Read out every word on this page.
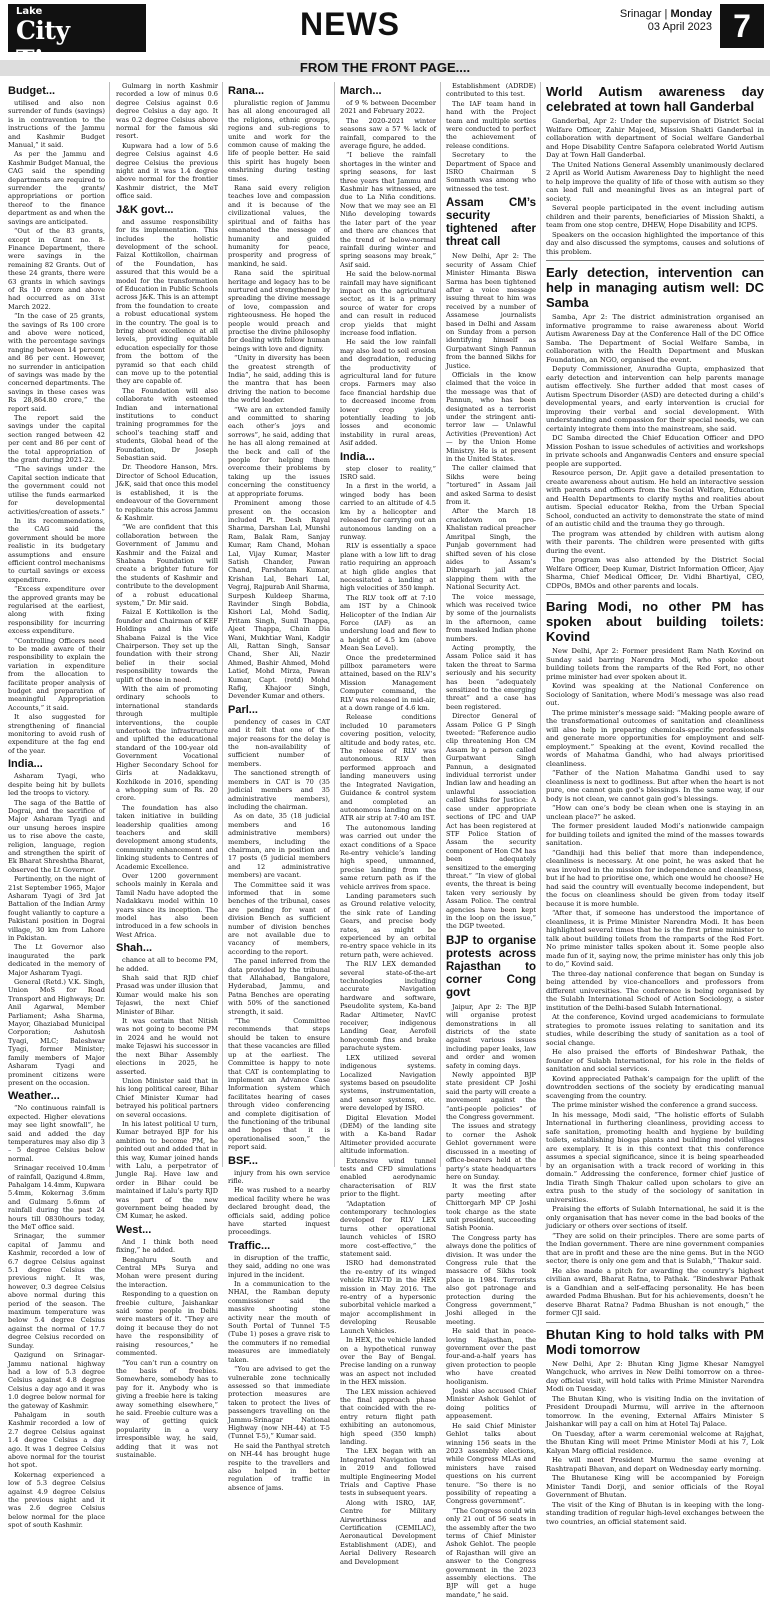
Lake
City	NEWS	Srinagar | Monday
03 April 2023 7
FROM THE FRONT PAGE....
Budget...

utilised and also non surrender of funds (savings) is in contravention to the instructions of the Jammu and Kashmir Budget Manual,” it said.

As per the Jammu and Kashmir Budget Manual, the CAG said the spending departments are required to surrender the grants/ appropriations or portion thereof to the finance department as and when the savings are anticipated.

“Out of the 83 grants, except in Grant no. 8- Finance Department, there were savings in the remaining 82 Grants. Out of these 24 grants, there were 63 grants in which savings of Rs 10 crore and above had occurred as on 31st March 2022.

“In the case of 25 grants, the savings of Rs 100 crore and above were noticed, with the percentage savings ranging between 14 percent and 86 per cent. However, no surrender in anticipation of savings was made by the concerned departments. The savings in these cases was Rs 28,864.80 crore,” the report said.

The report said the savings under the capital section ranged between 42 per cent and 86 per cent of the total appropriation of the grant during 2021-22.

“The savings under the Capital section indicate that the government could not utilise the funds earmarked for developmental activities/creation of assets.”

In its recommendations, the CAG said the government should be more realistic in its budgetary assumptions and ensure efficient control mechanisms to curtail savings or excess expenditure.

“Excess expenditure over the approved grants may be regularised at the earliest, along with fixing responsibility for incurring excess expenditure.

“Controlling Officers need to be made aware of their responsibility to explain the variation in expenditure from the allocation to facilitate proper analysis of budget and preparation of meaningful Appropriation Accounts,” it said.

It also suggested for strengthening of financial monitoring to avoid rush of expenditure at the fag end of the year.

India...

Asharam Tyagi, who despite being hit by bullets led the troops to victory.

The saga of the Battle of Dograi, and the sacrifice of Major Asharam Tyagi and our unsung heroes inspire us to rise above the caste, religion, language, region and strengthen the spirit of Ek Bharat Shreshtha Bharat, observed the Lt Governor.

Pertinently, on the night of 21st September 1965, Major Asharam Tyagi of 3rd Jat Battalion of the Indian Army fought valiantly to capture a Pakistani position in Dograi village, 30 km from Lahore in Pakistan.

The Lt Governor also inaugurated the park dedicated in the memory of Major Asharam Tyagi.

General (Retd.) V.K. Singh, Union MoS for Road Transport and Highways; Dr. Anil Agarwal, Member Parliament; Asha Sharma, Mayor, Ghaziabad Municipal Corporation; Ashutosh Tyagi, MLC; Baleshwar Tyagi, former Minister; family members of Major Asharam Tyagi and prominent citizens were present on the occasion.

Weather...

“No continuous rainfall is expected. Higher elevations may see light snowfall”, he said and added the day temperatures may also dip 3 – 5 degree Celsius below normal.

Srinagar received 10.4mm of rainfall, Qazigund 4.8mm, Pahalgam 14.4mm, Kupwara 5.4mm, Kokernag 3.6mm and Gulmarg 5.6mm of rainfall during the past 24 hours till 0830hours today, the MeT office said.

Srinagar, the summer capital of Jammu and Kashmir, recorded a low of 6.7 degree Celsius against 5.1 degree Celsius the previous night. It was, however, 0.3 degree Celsius above normal during this period of the season. The maximum temperature was below 5.4 degree Celsius against the normal of 17.7 degree Celsius recorded on Sunday.

Qazigund on Srinagar-Jammu national highway had a low of 5.3 degree Celsius against 4.8 degree Celsius a day ago and it was 1.0 degree below normal for the gateway of Kashmir.

Pahalgam in south Kashmir recorded a low of 2.7 degree Celsius against 1.4 degree Celsius a day ago. It was 1 degree Celsius above normal for the tourist hot spot.

Kokernag experienced a low of 5.3 degree Celsius against 4.9 degree Celsius the previous night and it was 2.6 degree Celsius below normal for the place spot of south Kashmir.

Gulmarg in north Kashmir recorded a low of minus 0.6 degree Celsius against 0.6 degree Celsius a day ago. It was 0.2 degree Celsius above normal for the famous ski resort.

Kupwara had a low of 5.6 degree Celsius against 4.6 degree Celsius the previous night and it was 1.4 degree above normal for the frontier Kashmir district, the MeT office said.

J&K govt...

and assume responsibility for its implementation. This includes the holistic development of the school. Faizal Kottikollon, chairman of the Foundation, has assured that this would be a model for the transformation of Education in Public Schools across J&K. This is an attempt from the foundation to create a robust educational system in the country. The goal is to bring about excellence at all levels, providing equitable education especially for those from the bottom of the pyramid so that each child can move up to the potential they are capable of.

The Foundation will also collaborate with esteemed Indian and international institutions to conduct training programmes for the school’s teaching staff and students, Global head of the Foundation, Dr Joseph Sebastian said.

Dr. Theodore Hanson, Mrs. Director of School Education, J&K, said that once this model is established, it is the endeavour of the Government to replicate this across Jammu & Kashmir.

“We are confident that this collaboration between the Government of Jammu and Kashmir and the Faizal and Shabana Foundation will create a brighter future for the students of Kashmir and contribute to the development of a robust educational system,” Dr. Mir said.

Faizal E Kottikollon is the founder and Chairman of KEF Holdings and his wife Shabana Faizal is the Vice Chairperson. They set up the foundation with their strong belief in their social responsibility towards the uplift of those in need.

With the aim of promoting ordinary schools to international standards through multiple interventions, the couple undertook the infrastructure and uplifted the educational standard of the 100-year old Government Vocational Higher Secondary School for Girls at Nadakkavu, Kozhikode in 2016, spending a whopping sum of Rs. 20 crore.

The foundation has also taken initiative in building leadership qualities among teachers and skill development among students, community enhancement and linking students to Centres of Academic Excellence.

Over 1200 government schools mainly in Kerala and Tamil Nadu have adopted the Nadakkavu model within 10 years since its inception. The model has also been introduced in a few schools in West Africa.

Shah...

chance at all to become PM, he added.

Shah said that RJD chief Prasad was under illusion that Kumar would make his son Tejaswi, the next Chief Minister of Bihar.

It was certain that Nitish was not going to become PM in 2024 and he would not make Tejaswi his successor in the next Bihar Assembly elections in 2025, he asserted.

Union Minister said that in his long political career, Bihar Chief Minister Kumar had betrayed his political partners on several occasions.

In his latest political U turn, Kumar betrayed BJP for his ambition to become PM, he pointed out and added that in this way, Kumar joined hands with Lalu, a perpetrator of Jungle Raj. Have law and order in Bihar could be maintained if Lalu’s party RJD was part of the new government being headed by CM Kumar, he asked.

West...

And I think both need fixing,” he added.

Bengaluru South and Central MPs Surya and Mohan were present during the interaction.

Responding to a question on freebie culture, Jaishankar said some people in Delhi were masters of it. “They are doing it because they do not have the responsibility of raising resources,” he commented.

“You can’t run a country on the basis of freebies. Somewhere, somebody has to pay for it. Anybody who is giving a freebie here is taking away something elsewhere,” he said. Freebie culture was a way of getting quick popularity in a very irresponsible way, he said, adding that it was not sustainable.

Rana...

pluralistic region of Jammu has all along encouraged all the religions, ethnic groups, regions and sub-regions to unite and work for the common cause of making the life of people better. He said this spirit has hugely been enshrining during testing times.

Rana said every religion teaches love and compassion and it is because of the civilizational values, the spiritual and of faiths has emanated the message of humanity and guided humanity for peace, prosperity and progress of mankind, he said.

Rana said the spiritual heritage and legacy has to be nurtured and strengthened by spreading the divine message of love, compassion and righteousness. He hoped the people would preach and practise the divine philosophy for dealing with fellow human beings with love and dignity.

“Unity in diversity has been the greatest strength of India”, he said, adding this is the mantra that has been driving the nation to become the world leader.

“We are an extended family and committed to sharing each other’s joys and sorrows”, he said, adding that he has all along remained at the beck and call of the people for helping them overcome their problems by taking up the issues concerning the constituency at appropriate forums.

Prominent among those present on the occasion included Pt. Desh Rayal Sharma, Darshan Lal, Munshi Ram, Balak Ram, Sanjay Kumar, Ram Chand, Mohan Lal, Vijay Kumar, Master Satish Chander, Pawan Chand, Parshotam Kumar, Krishan Lal, Behari Lal, Vegraj, Rajpurab Anil Sharma, Surpesh Kuldeep Sharma, Ravinder Singh Bobdia, Kishori Lal, Mohd Sadiq, Pritam Singh, Sunil Thappa, Ajeet Thappa, Chain Dia Wani, Mukhtiar Wani, Kadgir Ali, Rattan Singh, Sansar Chand, Sher Ali, Nazir Ahmed, Bashir Ahmed, Mohd Latief, Mohd Mirza, Pawan Kumar, Capt. (retd) Mohd Rafiq, Khajoor Singh, Devender Kumar and others.

Parl...

pendency of cases in CAT and it felt that one of the major reasons for the delay is the non-availability of sufficient number of members.

The sanctioned strength of members in CAT is 70 (35 judicial members and 35 administrative members), including the chairman.

As on date, 35 (18 judicial members and 16 administrative members) members, including the chairman, are in position and 17 posts (5 judicial members and 12 administrative members) are vacant.

The Committee said it was informed that in some benches of the tribunal, cases are pending for want of division Bench as sufficient number of division benches are not available due to vacancy of members, according to the report.

The panel inferred from the data provided by the tribunal that Allahabad, Bangalore, Hyderabad, Jammu, and Patna Benches are operating with 50% of the sanctioned strength, it said.

“The Committee recommends that steps should be taken to ensure that these vacancies are filled up at the earliest. The Committee is happy to note that CAT is contemplating to implement an Advance Case Information system which facilitates hearing of cases through video conferencing and complete digitisation of the functioning of the tribunal and hopes that it is operationalised soon,” the report said.

BSF...

injury from his own service rifle.

He was rushed to a nearby medical facility where he was declared brought dead, the officials said, adding police have started inquest proceedings.

Traffic...

in disruption of the traffic, they said, adding no one was injured in the incident.

In a communication to the NHAI, the Ramban deputy commissioner said the massive shooting stone activity near the mouth of South Portal of Tunnel T-5 (Tube 1) poses a grave risk to the commuters if no remedial measures are immediately taken.

“You are advised to get the vulnerable zone technically assessed so that immediate protection measures are taken to protect the lives of passengers travelling on the Jammu-Srinagar National Highway (now NH-44) at T-5 (Tunnel T-5),” Kumar said.

He said the Panthyal stretch on NH-44 has brought huge respite to the travellers and also helped in better regulation of traffic in absence of jams.

March...

of 9 % between December 2021 and February 2022.

The 2020-2021 winter seasons saw a 57 % lack of rainfall, compared to the average figure, he added.

“I believe the rainfall shortages in the winter and spring seasons, for last three years that Jammu and Kashmir has witnessed, are due to La Niña conditions. Now that we may see an El Niño developing towards the later part of the year and there are chances that the trend of below-normal rainfall during winter and spring seasons may break,” Asif said.

He said the below-normal rainfall may have significant impact on the agricultural sector, as it is a primary source of water for crops and can result in reduced crop yields that might increase food inflation.

He said the low rainfall may also lead to soil erosion and degradation, reducing the productivity of agricultural land for future crops. Farmers may also face financial hardship due to decreased income from lower crop yields, potentially leading to job losses and economic instability in rural areas, Asif added.

India...

step closer to reality,” ISRO said.

In a first in the world, a winged body has been carried to an altitude of 4.5 km by a helicopter and released for carrying out an autonomous landing on a runway.

RLV is essentially a space plane with a low lift to drag ratio requiring an approach at high glide angles that necessitated a landing at high velocities of 350 kmph.

The RLV took off at 7:10 am IST by a Chinook Helicopter of the Indian Air Force (IAF) as an underslung load and flew to a height of 4.5 km (above Mean Sea Level).

Once the predetermined pillbox parameters were attained, based on the RLV’s Mission Management Computer command, the RLV was released in mid-air, at a down range of 4.6 km.

Release conditions included 10 parameters covering position, velocity, altitude and body rates, etc. The release of RLV was autonomous. RLV then performed approach and landing maneuvers using the Integrated Navigation, Guidance & control system and completed an autonomous landing on the ATR air strip at 7:40 am IST.

The autonomous landing was carried out under the exact conditions of a Space Re-entry vehicle’s landing high speed, unmanned, precise landing from the same return path as if the vehicle arrives from space.

Landing parameters such as Ground relative velocity, the sink rate of Landing Gears, and precise body rates, as might be experienced by an orbital re-entry space vehicle in its return path, were achieved.

The RLV LEX demanded several state-of-the-art technologies including accurate Navigation hardware and software, Pseudolite system, Ka-band Radar Altimeter, NavIC receiver, indigenous Landing Gear, Aerofoil honeycomb fins and brake parachute system.

LEX utilized several indigenous systems. Localized Navigation systems based on pseudolite systems, instrumentation, and sensor systems, etc. were developed by ISRO.

Digital Elevation Model (DEM) of the landing site with a Ka-band Radar Altimeter provided accurate altitude information.

Extensive wind tunnel tests and CFD simulations enabled aerodynamic characterisation of RLV prior to the flight.

“Adaptation of contemporary technologies developed for RLV LEX turns other operational launch vehicles of ISRO more cost-effective,” the statement said.

ISRO had demonstrated the re-entry of its winged vehicle RLV-TD in the HEX mission in May 2016. The re-entry of a hypersonic suborbital vehicle marked a major accomplishment in developing Reusable Launch Vehicles.

In HEX, the vehicle landed on a hypothetical runway over the Bay of Bengal. Precise landing on a runway was an aspect not included in the HEX mission.

The LEX mission achieved the final approach phase that coincided with the re-entry return flight path exhibiting an autonomous, high speed (350 kmph) landing.

The LEX began with an Integrated Navigation trial in 2019 and followed multiple Engineering Model Trials and Captive Phase tests in subsequent years.

Along with ISRO, IAF, Centre for Military Airworthiness and Certification (CEMILAC), Aeronautical Development Establishment (ADE), and Aerial Delivery Research and Development

Establishment (ADRDE) contributed to this test.

The IAF team hand in hand with the Project team and multiple sorties were conducted to perfect the achievement of release conditions.

Secretary to the Department of Space and ISRO Chairman S Somnath was among who witnessed the test.

Assam CM’s security tightened after threat call

New Delhi, Apr 2: The security of Assam Chief Minister Himanta Biswa Sarma has been tightened after a voice message issuing threat to him was received by a number of Assamese journalists based in Delhi and Assam on Sunday from a person identifying himself as Gurpatwant Singh Pannun from the banned Sikhs for Justice.

Officials in the know claimed that the voice in the message was that of Pannun, who has been designated as a terrorist under the stringent anti-terror law — Unlawful Activities (Prevention) Act — by the Union Home Ministry. He is at present in the United States.

The caller claimed that Sikhs were being “tortured” in Assam jail and asked Sarma to desist from it.

After the March 18 crackdown on pro-Khalistan radical preacher Amritpal Singh, the Punjab government had shifted seven of his close aides to Assam’s Dibrugarh jail after slapping them with the National Security Act.

The voice message, which was received twice by some of the journalists in the afternoon, came from masked Indian phone numbers.

Acting promptly, the Assam Police said it has taken the threat to Sarma seriously and his security has been “adequately sensitized to the emerging threat” and a case has been registered.

Director General of Assam Police G P Singh tweeted: “Reference audio clip threatening Hon CM Assam by a person called Gurpatwant Singh Pannun, a designated individual terrorist under Indian law and heading an unlawful association called Sikhs for Justice: A case under appropriate sections of IPC and UAP Act has been registered at STF Police Station of Assam the security component of Hon CM has been adequately sensitized to the emerging threat.” “In view of global events, the threat is being taken very seriously by Assam Police. The central agencies have been kept in the loop on the issue,” the DGP tweeted.

BJP to organise protests across Rajasthan to corner Cong govt

Jaipur, Apr 2: The BJP will organise protest demonstrations in all districts of the state against various issues including paper leaks, law and order and women safety in coming days.

Newly appointed BJP state president CP Joshi said the party will create a movement against the “anti-people policies” of the Congress government.

The issues and strategy to corner the Ashok Gehlot government were discussed in a meeting of office-bearers held at the party’s state headquarters here on Sunday.

It was the first state party meeting after Chittorgarh MP CP Joshi took charge as the state unit president, succeeding Satish Poonia.

The Congress party has always done the politics of division. It was under the Congress rule that the massacre of Sikhs took place in 1984. Terrorists also got patronage and protection during the Congress government,” Joshi alleged in the meeting.

He said that in peace-loving Rajasthan, the government over the past four-and-a-half years has given protection to people who have created hooliganism.

Joshi also accused Chief Minister Ashok Gehlot of doing politics of appeasement.

He said Chief Minister Gehlot talks about winning 156 seats in the 2023 assembly elections, while Congress MLAs and ministers have raised questions on his current tenure. “So there is no possibility of repeating a Congress government”.

“The Congress could win only 21 out of 56 seats in the assembly after the two terms of Chief Minister Ashok Gehlot. The people of Rajasthan will give an answer to the Congress government in the 2023 assembly elections. The BJP will get a huge mandate,” he said.

World Autism awareness day celebrated at town hall Ganderbal

Ganderbal, Apr 2: Under the supervision of District Social Welfare Officer, Zahir Majeed, Mission Shakti Ganderbal in collaboration with department of Social welfare Ganderbal and Hope Disability Centre Safapora celebrated World Autism Day at Town Hall Ganderbal.

The United Nations General Assembly unanimously declared 2 April as World Autism Awareness Day to highlight the need to help improve the quality of life of those with autism so they can lead full and meaningful lives as an integral part of society.

Several people participated in the event including autism children and their parents, beneficiaries of Mission Shakti, a team from one stop centre, DHEW, Hope Disability and ICPS.

Speakers on the occasion highlighted the importance of this day and also discussed the symptoms, causes and solutions of this problem.

Early detection, intervention can help in managing autism well: DC Samba

Samba, Apr 2: The district administration organised an informative programme to raise awareness about World Autism Awareness Day at the Conference Hall of the DC Office Samba. The Department of Social Welfare Samba, in collaboration with the Health Department and Muskan Foundation, an NGO, organised the event.

Deputy Commissioner, Anuradha Gupta, emphasized that early detection and intervention can help parents manage autism effectively. She further added that most cases of Autism Spectrum Disorder (ASD) are detected during a child’s developmental years, and early intervention is crucial for improving their verbal and social development. With understanding and compassion for their special needs, we can certainly integrate them into the mainstream, she said.

DC Samba directed the Chief Education Officer and DPO Mission Poshan to issue schedules of activities and workshops in private schools and Anganwadis Centers and ensure special people are supported.

Resource person, Dr. Apjit gave a detailed presentation to create awareness about autism. He held an interactive session with parents and officers from the Social Welfare, Education and Health Departments to clarify myths and realities about autism. Special educator Rekha, from the Urban Special School, conducted an activity to demonstrate the state of mind of an autistic child and the trauma they go through.

The program was attended by children with autism along with their parents. The children were presented with gifts during the event.

The program was also attended by the District Social Welfare Officer, Deep Kumar, District Information Officer, Ajay Sharma, Chief Medical Officer, Dr. Vidhi Bhartiyal, CEO, CDPOs, BMOs and other parents and locals.

Baring Modi, no other PM has spoken about building toilets: Kovind

New Delhi, Apr 2: Former president Ram Nath Kovind on Sunday said barring Narendra Modi, who spoke about building toilets from the ramparts of the Red Fort, no other prime minister had ever spoken about it.

Kovind was speaking at the National Conference on Sociology of Sanitation, where Modi’s message was also read out.

The prime minister’s message said: “Making people aware of the transformational outcomes of sanitation and cleanliness will also help in preparing chemicals-specific professionals and generate more opportunities for employment and self-employment.” Speaking at the event, Kovind recalled the words of Mahatma Gandhi, who had always prioritised cleanliness.

“Father of the Nation Mahatma Gandhi used to say cleanliness is next to godliness. But after when the heart is not pure, one cannot gain god’s blessings. In the same way, if our body is not clean, we cannot gain god’s blessings.

“How can one’s body be clean when one is staying in an unclean place?” he asked.

The former president lauded Modi’s nationwide campaign for building toilets and ignited the mind of the masses towards sanitation.

“Gandhiji had this belief that more than independence, cleanliness is necessary. At one point, he was asked that he was involved in the mission for independence and cleanliness, but if he had to prioritise one, which one would he choose? He had said the country will eventually become independent, but the focus on cleanliness should be given from today itself because it is more humble.

“After that, if someone has understood the importance of cleanliness, it is Prime Minister Narendra Modi. It has been highlighted several times that he is the first prime minister to talk about building toilets from the ramparts of the Red Fort. No prime minister talks spoken about it. Some people also made fun of it, saying now, the prime minister has only this job to do,” Kovind said.

The three-day national conference that began on Sunday is being attended by vice-chancellors and professors from different universities. The conference is being organised by the Sulabh International School of Action Sociology, a sister institution of the Delhi-based Sulabh International.

At the conference, Kovind urged academicians to formulate strategies to promote issues relating to sanitation and its studies, while describing the study of sanitation as a tool of social change.

He also praised the efforts of Bindeshwar Pathak, the founder of Sulabh International, for his role in the fields of sanitation and social services.

Kovind appreciated Pathak’s campaign for the uplift of the downtrodden sections of the society by eradicating manual scavenging from the country.

The prime minister wished the conference a grand success.

In his message, Modi said, “The holistic efforts of Sulabh International in furthering cleanliness, providing access to safe sanitation, promoting health and hygiene by building toilets, establishing biogas plants and building model villages are exemplary. It is in this context that this conference assumes a special significance, since it is being spearheaded by an organisation with a track record of working in this domain.” Addressing the conference, former chief justice of India Tirath Singh Thakur called upon scholars to give an extra push to the study of the sociology of sanitation in universities.

Praising the efforts of Sulabh International, he said it is the only organisation that has never come in the bad books of the judiciary or others over sections of itself.

“They are solid on their principles. There are some parts of the Indian government. There are nine government companies that are in profit and these are the nine gems. But in the NGO sector, there is only one gem and that is Sulabh,” Thakur said.

He also made a pitch for awarding the country’s highest civilian award, Bharat Ratna, to Pathak. “Bindeshwar Pathak is a Gandhian and a self-effacing personality. He has been awarded Padma Bhushan. But for his achievements, doesn’t he deserve Bharat Ratna? Padma Bhushan is not enough,” the former CJI said.

Bhutan King to hold talks with PM Modi tomorrow

New Delhi, Apr 2: Bhutan King Jigme Khesar Namgyel Wangchuck, who arrives in New Delhi tomorrow on a three-day official visit, will hold talks with Prime Minister Narendra Modi on Tuesday.

The Bhutan King, who is visiting India on the invitation of President Droupadi Murmu, will arrive in the afternoon tomorrow. In the evening, External Affairs Minister S Jaishankar will pay a call on him at Hotel Taj Palace.

On Tuesday, after a warm ceremonial welcome at Rajghat, the Bhutan King will meet Prime Minister Modi at his 7, Lok Kalyan Marg official residence.

He will meet President Murmu the same evening at Rashtrapati Bhavan, and depart on Wednesday early morning.

The Bhutanese King will be accompanied by Foreign Minister Tandi Dorji, and senior officials of the Royal Government of Bhutan.

The visit of the King of Bhutan is in keeping with the long-standing tradition of regular high-level exchanges between the two countries, an official statement said.
